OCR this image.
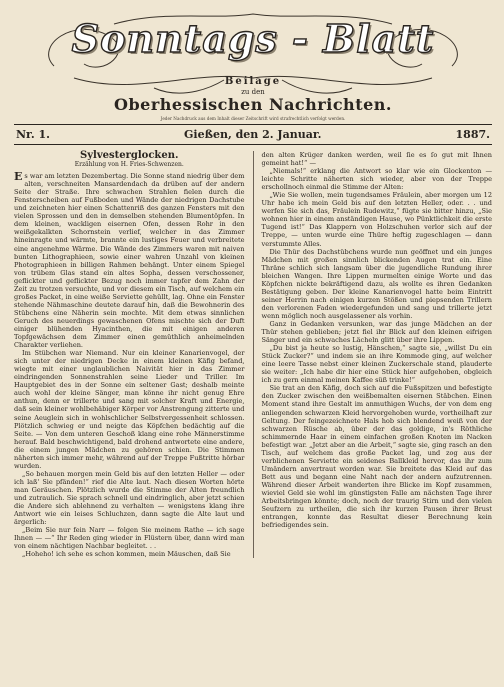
Sonntags - Blatt
Beilage
zu den
Oberhessischen Nachrichten.
Jeder Nachdruck aus dem Inhalt dieser Zeitschrift wird strafrechtlich verfolgt werden.
Nr. 1.	Gießen, den 2. Januar.	1887.
Sylvesterglocken.
Erzählung von H. Fries-Schwenzen.

Es war am letzten Dezembertag. Die Sonne stand niedrig über dem alten, verschneiten Mansardendach da drüben auf der andern Seite der Straße. Ihre schwachen Strahlen fielen durch die Fensterscheiben auf Fußboden und Wände der niedrigen Dachstube und zeichneten hier einen Schattenriß des ganzen Fensters mit den vielen Sprossen und den in demselben stehenden Blumentöpfen. In dem kleinen, wackligen eisernen Ofen, dessen Rohr in den weißgekalkten Schornstein verlief, welcher in das Zimmer hineinragte und wärmte, brannte ein lustiges Feuer und verbreitete eine angenehme Wärme. Die Wände des Zimmers waren mit naiven bunten Lithographieen, sowie einer wahren Unzahl von kleinen Photographieen in billigen Rahmen behängt. Unter einem Spiegel von trübem Glas stand ein altes Sopha, dessen verschossener, geflickter und geflickter Bezug noch immer tapfer dem Zahn der Zeit zu trotzen versuchte, und vor diesem ein Tisch, auf welchem ein großes Packet, in eine weiße Serviette gehüllt, lag. Ohne ein Fenster stehende Nähmaschine deutete darauf hin, daß die Bewohnerin des Stübchens eine Näherin sein mochte. Mit dem etwas sinnlichen Geruch des neuerdings gewaschenen Ofens mischte sich der Duft einiger blühenden Hyacinthen, die mit einigen anderen Topfgewächsen dem Zimmer einen gemüthlich anheimelnden Charakter verliehen.

Im Stübchen war Niemand. Nur ein kleiner Kanarienvogel, der sich unter der niedrigen Decke in einem kleinen Käfig befand, wiegte mit einer unglaublichen Naivität hier in das Zimmer eindringenden Sonnenstrahlen seine Lieder und Triller. Im Hauptgebiet des in der Sonne ein seltener Gast; deshalb meinte auch wohl der kleine Sänger, man könne ihr nicht genug Ehre anthun, denn er trillerte und sang mit solcher Kraft und Energie, daß sein kleiner wohlbehäbiger Körper vor Anstrengung zitterte und seine Aeuglein sich in wohlschlicher Selbstvergessenheit schlossen. Plötzlich schwieg er und neigte das Köpfchen bedächtig auf die Seite. — Von dem unteren Geschoß klang eine rohe Männerstimme herauf. Bald beschwichtigend, bald drohend antwortete eine andere, die einem jungen Mädchen zu gehören schien. Die Stimmen näherten sich immer mehr, während auf der Treppe Fußtritte hörbar wurden.

„So behauen morgen mein Geld bis auf den letzten Heller — oder ich laß' Sie pfänden!“ rief die Alte laut. Nach diesen Worten hörte man Geräuschen. Plötzlich wurde die Stimme der Alten freundlich und zutraulich. Sie sprach schnell und eindringlich, aber jetzt schien die Andere sich ablehnend zu verhalten — wenigstens klang ihre Antwort wie ein leises Schluchzen, dann sagte die Alte laut und ärgerlich:

„Beim Sie nur fein Narr — folgen Sie meinem Rathe — ich sage Ihnen — —“ Ihr Reden ging wieder in Flüstern über, dann wird man von einem nächtigen Nachbar begleitet. . .

„Hoheho! ich sehe es schon kommen, mein Mäuschen, daß Sie

den alten Krüger danken werden, weil ſie es ſo gut mit Ihnen gemeint hat!“ —

„Niemals!“ erklang die Antwort so klar wie ein Glockenton — leichte Schritte näherten sich wieder, aber von der Treppe erschollnoch einmal die Stimme der Alten:

„Wie Sie wollen, mein tugendsames Fräulein, aber morgen um 12 Uhr habe ich mein Geld bis auf den letzten Heller, oder. . . und werfen Sie sich das, Fräulein Rudewitz,“ fügte sie bitter hinzu, „Sie wohnen hier in einem anständigen Hause, wo Pünktlichkeit die erste Tugend ist!“ Das Klappern von Holzschuhen verlor sich auf der Treppe, — unten wurde eine Thüre heftig zugeschlagen — dann verstummte Alles.

Die Thür des Dachstübchens wurde nun geöffnet und ein junges Mädchen mit großen sinnlich blickenden Augen trat ein. Eine Thräne schlich sich langsam über die jugendliche Rundung ihrer bleichen Wangen. Ihre Lippen murmelten einige Worte und das Köpfchen nickte bekräftigend dazu, als wollte es ihren Gedanken Bestätigung geben. Der kleine Kanarienvogel hatte beim Eintritt seiner Herrin nach einigen kurzen Stößen und piepsenden Trillern den verlorenen Faden wiedergefunden und sang und trillerte jetzt wenn möglich noch ausgelassener als vorhin.

Ganz in Gedanken versunken, war das junge Mädchen an der Thür stehen geblieben; jetzt fiel ihr Blick auf den kleinen eifrigen Sänger und ein schwaches Lächeln glitt über ihre Lippen.

„Du bist ja heute so lustig, Hänschen,“ sagte sie, „willst Du ein Stück Zucker?“ und indem sie an ihre Kommode ging, auf welcher eine leere Tasse nebst einer kleinen Zuckerschale stand, plauderte sie weiter: „Ich habe dir hier eine Stück hier aufgehoben, obgleich ich zu gern einmal meinen Kaffee süß trinke!“

Sie trat an den Käfig, doch sich auf die Fußspitzen und befestigte den Zucker zwischen den weißbemalten eisernen Stäbchen. Einen Moment stand ihre Gestalt im anmuthigen Wuchs, der von dem eng anliegenden schwarzen Kleid hervorgehoben wurde, vortheilhaft zur Geltung. Der feingezeichnete Hals hob sich blendend weiß von der schwarzen Rüsche ab, über der das goldige, in's Röthliche schimmernde Haar in einem einfachen großen Knoten im Nacken befestigt war. „Jetzt aber an die Arbeit,“ sagte sie, ging rasch an den Tisch, auf welchem das große Packet lag, und zog aus der verblichenen Serviette ein seidenes Ballkleid hervor, das ihr zum Umändern anvertraut worden war. Sie breitete das Kleid auf das Bett aus und begann eine Naht nach der andern aufzutrennen. Während dieser Arbeit wanderten ihre Blicke im Kopf zusammen, wieviel Geld sie wohl im günstigsten Falle am nächsten Tage ihrer Arbeitsbringen könnte; doch, noch der traurig Stirn und den vielen Seufzern zu urtheilen, die sich ihr kurzen Pausen ihrer Brust entrangen, konnte das Resultat dieser Berechnung kein befriedigendes sein.
